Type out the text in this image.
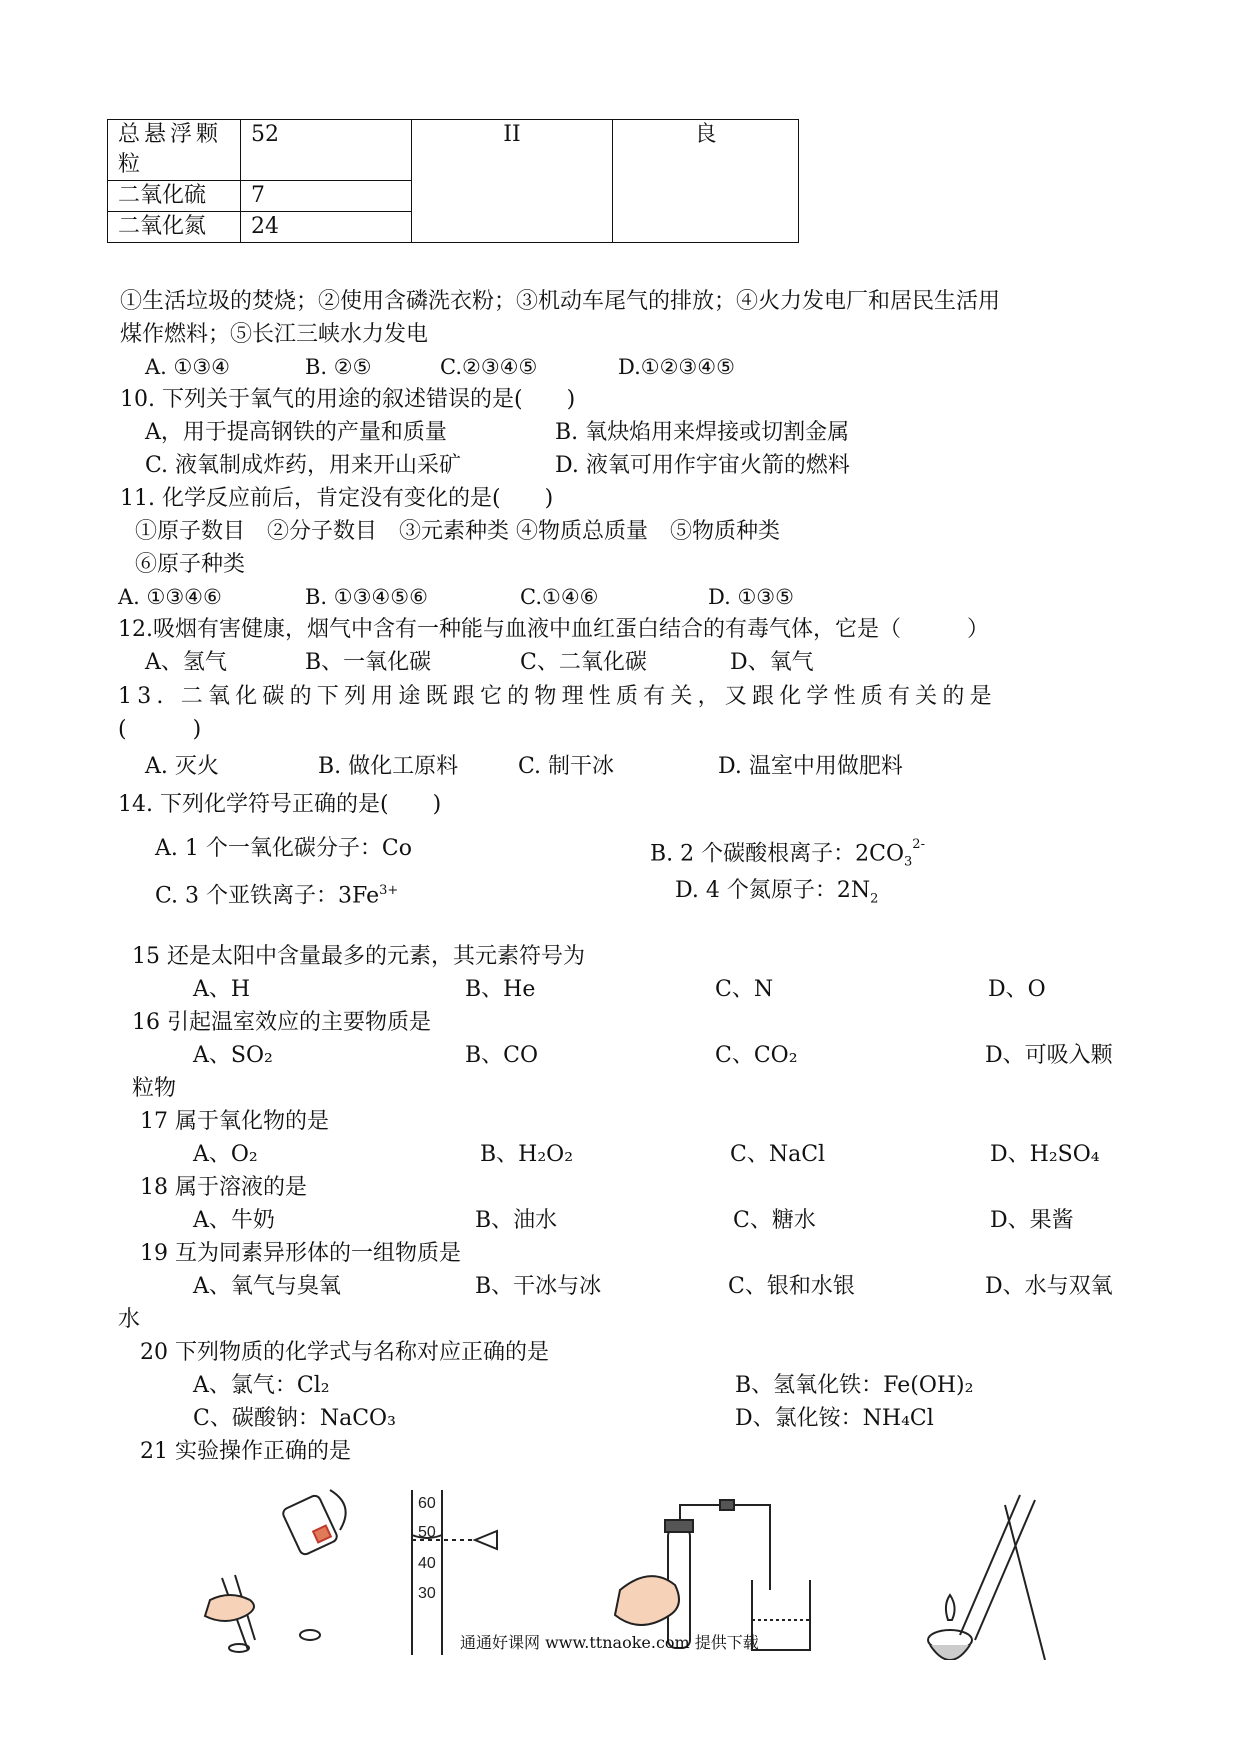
总悬浮颗粒	52	II	良
二氧化硫	7		
二氧化氮	24		
①生活垃圾的焚烧；②使用含磷洗衣粉；③机动车尾气的排放；④火力发电厂和居民生活用
煤作燃料；⑤长江三峡水力发电
A. ①③④	B. ②⑤	C.②③④⑤	D.①②③④⑤
10. 下列关于氧气的用途的叙述错误的是(　　)
A，用于提高钢铁的产量和质量	B. 氧炔焰用来焊接或切割金属
C. 液氧制成炸药，用来开山采矿	D. 液氧可用作宇宙火箭的燃料
11. 化学反应前后，肯定没有变化的是(　　)
①原子数目　②分子数目　③元素种类 ④物质总质量　⑤物质种类
⑥原子种类
A. ①③④⑥	B. ①③④⑤⑥	C.①④⑥	D. ①③⑤
12.吸烟有害健康，烟气中含有一种能与血液中血红蛋白结合的有毒气体，它是（　　　）
A、氢气	B、一氧化碳	C、二氧化碳	D、氧气
13. 二氧化碳的下列用途既跟它的物理性质有关，又跟化学性质有关的是
(　　　)
A. 灭火	B. 做化工原料	C. 制干冰	D. 温室中用做肥料
14. 下列化学符号正确的是(　　)
A. 1 个一氧化碳分子：Co	B. 2 个碳酸根离子：$2CO_3^{2-}$
C. 3 个亚铁离子：$3Fe^{3+}$	D. 4 个氮原子：$2N_2$
15 还是太阳中含量最多的元素，其元素符号为
A、H	B、He	C、N	D、O
16 引起温室效应的主要物质是
A、SO₂	B、CO	C、CO₂	D、可吸入颗
粒物
17 属于氧化物的是
A、O₂	B、H₂O₂	C、NaCl	D、H₂SO₄
18 属于溶液的是
A、牛奶	B、油水	C、糖水	D、果酱
19 互为同素异形体的一组物质是
A、氧气与臭氧	B、干冰与冰	C、银和水银	D、水与双氧
水
20 下列物质的化学式与名称对应正确的是
A、氯气：Cl₂	B、氢氧化铁：Fe(OH)₂
C、碳酸钠：NaCO₃	D、氯化铵：NH₄Cl
21 实验操作正确的是
60
50
40
30
通通好课网 www.ttnaoke.com 提供下载
